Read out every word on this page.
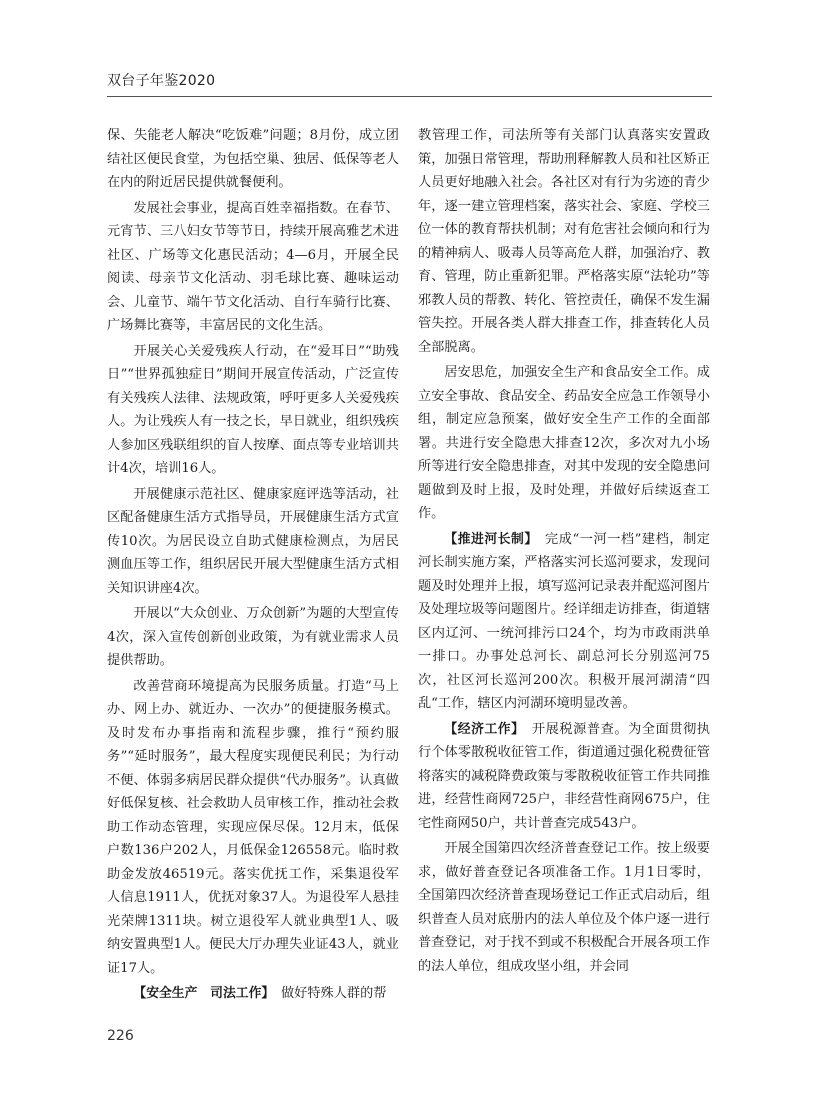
双台子年鉴2020

保、失能老人解决“吃饭难”问题；8月份，成立团结社区便民食堂，为包括空巢、独居、低保等老人在内的附近居民提供就餐便利。

发展社会事业，提高百姓幸福指数。在春节、元宵节、三八妇女节等节日，持续开展高雅艺术进社区、广场等文化惠民活动；4—6月，开展全民阅读、母亲节文化活动、羽毛球比赛、趣味运动会、儿童节、端午节文化活动、自行车骑行比赛、广场舞比赛等，丰富居民的文化生活。

开展关心关爱残疾人行动，在“爱耳日”“助残日”“世界孤独症日”期间开展宣传活动，广泛宣传有关残疾人法律、法规政策，呼吁更多人关爱残疾人。为让残疾人有一技之长，早日就业，组织残疾人参加区残联组织的盲人按摩、面点等专业培训共计4次，培训16人。

开展健康示范社区、健康家庭评选等活动，社区配备健康生活方式指导员，开展健康生活方式宣传10次。为居民设立自助式健康检测点，为居民测血压等工作，组织居民开展大型健康生活方式相关知识讲座4次。

开展以“大众创业、万众创新”为题的大型宣传4次，深入宣传创新创业政策，为有就业需求人员提供帮助。

改善营商环境提高为民服务质量。打造“马上办、网上办、就近办、一次办”的便捷服务模式。及时发布办事指南和流程步骤，推行“预约服务”“延时服务”，最大程度实现便民利民；为行动不便、体弱多病居民群众提供“代办服务”。认真做好低保复核、社会救助人员审核工作，推动社会救助工作动态管理，实现应保尽保。12月末，低保户数136户202人，月低保金126558元。临时救助金发放46519元。落实优抚工作，采集退役军人信息1911人，优抚对象37人。为退役军人悬挂光荣牌1311块。树立退役军人就业典型1人、吸纳安置典型1人。便民大厅办理失业证43人，就业证17人。

【安全生产　司法工作】　做好特殊人群的帮

教管理工作，司法所等有关部门认真落实安置政策，加强日常管理，帮助刑释解教人员和社区矫正人员更好地融入社会。各社区对有行为劣迹的青少年，逐一建立管理档案，落实社会、家庭、学校三位一体的教育帮扶机制；对有危害社会倾向和行为的精神病人、吸毒人员等高危人群，加强治疗、教育、管理，防止重新犯罪。严格落实原“法轮功”等邪教人员的帮教、转化、管控责任，确保不发生漏管失控。开展各类人群大排查工作，排查转化人员全部脱离。

居安思危，加强安全生产和食品安全工作。成立安全事故、食品安全、药品安全应急工作领导小组，制定应急预案，做好安全生产工作的全面部署。共进行安全隐患大排查12次，多次对九小场所等进行安全隐患排查，对其中发现的安全隐患问题做到及时上报，及时处理，并做好后续返查工作。

【推进河长制】　完成“一河一档”建档，制定河长制实施方案，严格落实河长巡河要求，发现问题及时处理并上报，填写巡河记录表并配巡河图片及处理垃圾等问题图片。经详细走访排查，街道辖区内辽河、一统河排污口24个，均为市政雨洪单一排口。办事处总河长、副总河长分别巡河75次，社区河长巡河200次。积极开展河湖清“四乱“工作，辖区内河湖环境明显改善。

【经济工作】　开展税源普查。为全面贯彻执行个体零散税收征管工作，街道通过强化税费征管将落实的减税降费政策与零散税收征管工作共同推进，经营性商网725户，非经营性商网675户，住宅性商网50户，共计普查完成543户。

开展全国第四次经济普查登记工作。按上级要求，做好普查登记各项准备工作。1月1日零时，全国第四次经济普查现场登记工作正式启动后，组织普查人员对底册内的法人单位及个体户逐一进行普查登记，对于找不到或不积极配合开展各项工作的法人单位，组成攻坚小组，并会同

226
